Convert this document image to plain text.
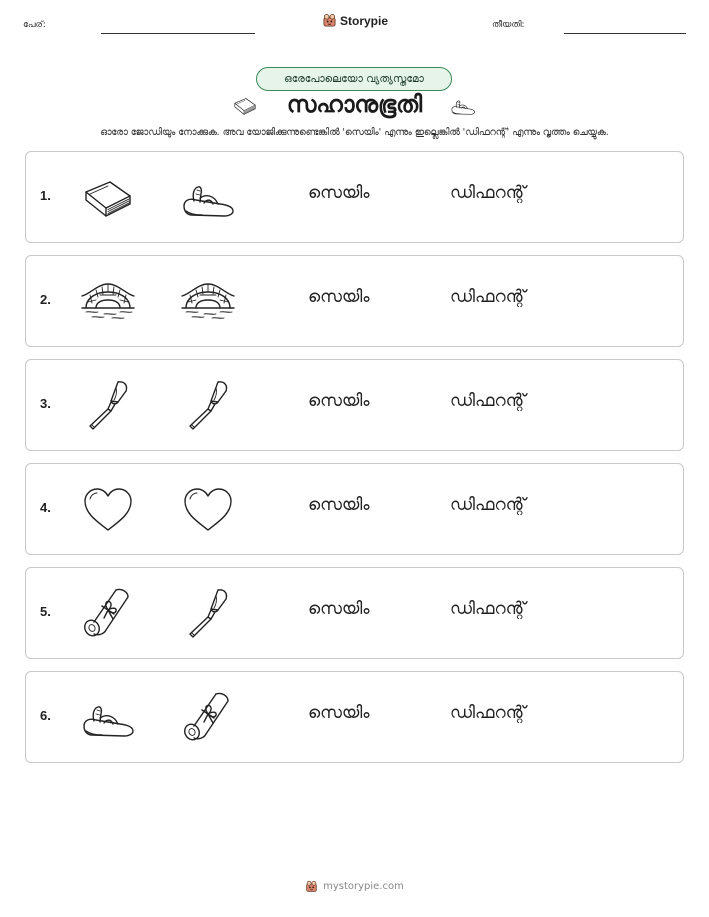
പേര്:	Storypie	തീയതി:
ഒരേപോലെയോ വ്യത്യസ്തമോ
സഹാനുഭൂതി
ഓരോ ജോഡിയും നോക്കുക. അവ യോജിക്കുന്നുണ്ടെങ്കിൽ 'സെയിം' എന്നും ഇല്ലെങ്കിൽ 'ഡിഫറന്റ്' എന്നും വൃത്തം ചെയ്യുക.
1.	സെയിം	ഡിഫറന്റ്
2.	സെയിം	ഡിഫറന്റ്
3.	സെയിം	ഡിഫറന്റ്
4.	സെയിം	ഡിഫറന്റ്
5.	സെയിം	ഡിഫറന്റ്
6.	സെയിം	ഡിഫറന്റ്
mystorypie.com
